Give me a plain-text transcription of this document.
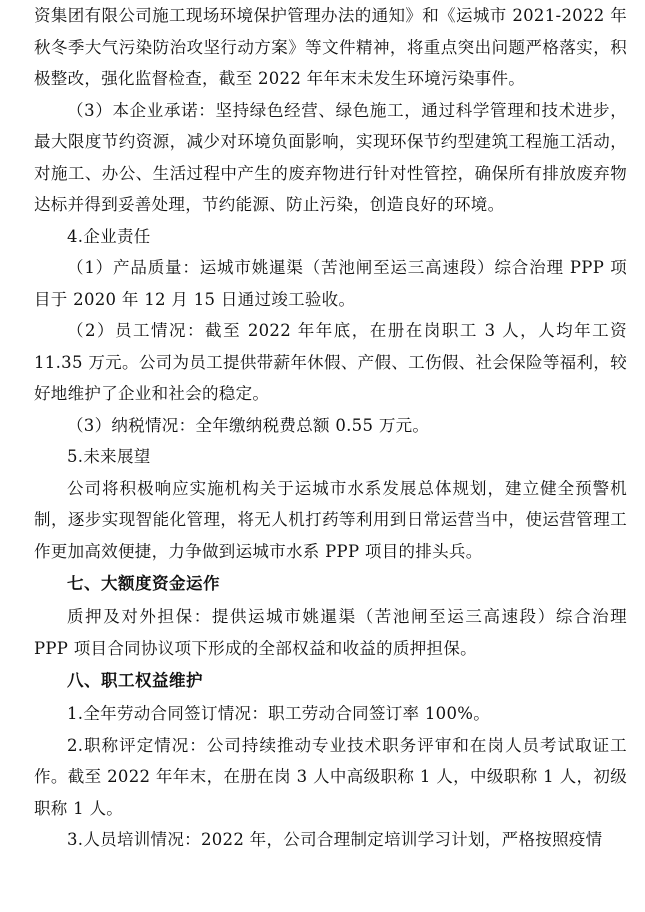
资集团有限公司施工现场环境保护管理办法的通知》和《运城市 2021-2022 年秋冬季大气污染防治攻坚行动方案》等文件精神，将重点突出问题严格落实，积极整改，强化监督检查，截至 2022 年年末未发生环境污染事件。

（3）本企业承诺：坚持绿色经营、绿色施工，通过科学管理和技术进步，最大限度节约资源，减少对环境负面影响，实现环保节约型建筑工程施工活动，对施工、办公、生活过程中产生的废弃物进行针对性管控，确保所有排放废弃物达标并得到妥善处理，节约能源、防止污染，创造良好的环境。

4.企业责任

（1）产品质量：运城市姚暹渠（苦池闸至运三高速段）综合治理 PPP 项目于 2020 年 12 月 15 日通过竣工验收。

（2）员工情况：截至 2022 年年底，在册在岗职工 3 人，人均年工资 11.35 万元。公司为员工提供带薪年休假、产假、工伤假、社会保险等福利，较好地维护了企业和社会的稳定。

（3）纳税情况：全年缴纳税费总额 0.55 万元。

5.未来展望

公司将积极响应实施机构关于运城市水系发展总体规划，建立健全预警机制，逐步实现智能化管理，将无人机打药等利用到日常运营当中，使运营管理工作更加高效便捷，力争做到运城市水系 PPP 项目的排头兵。

七、大额度资金运作

质押及对外担保：提供运城市姚暹渠（苦池闸至运三高速段）综合治理 PPP 项目合同协议项下形成的全部权益和收益的质押担保。

八、职工权益维护

1.全年劳动合同签订情况：职工劳动合同签订率 100%。

2.职称评定情况：公司持续推动专业技术职务评审和在岗人员考试取证工作。截至 2022 年年末，在册在岗 3 人中高级职称 1 人，中级职称 1 人，初级职称 1 人。

3.人员培训情况：2022 年，公司合理制定培训学习计划，严格按照疫情
